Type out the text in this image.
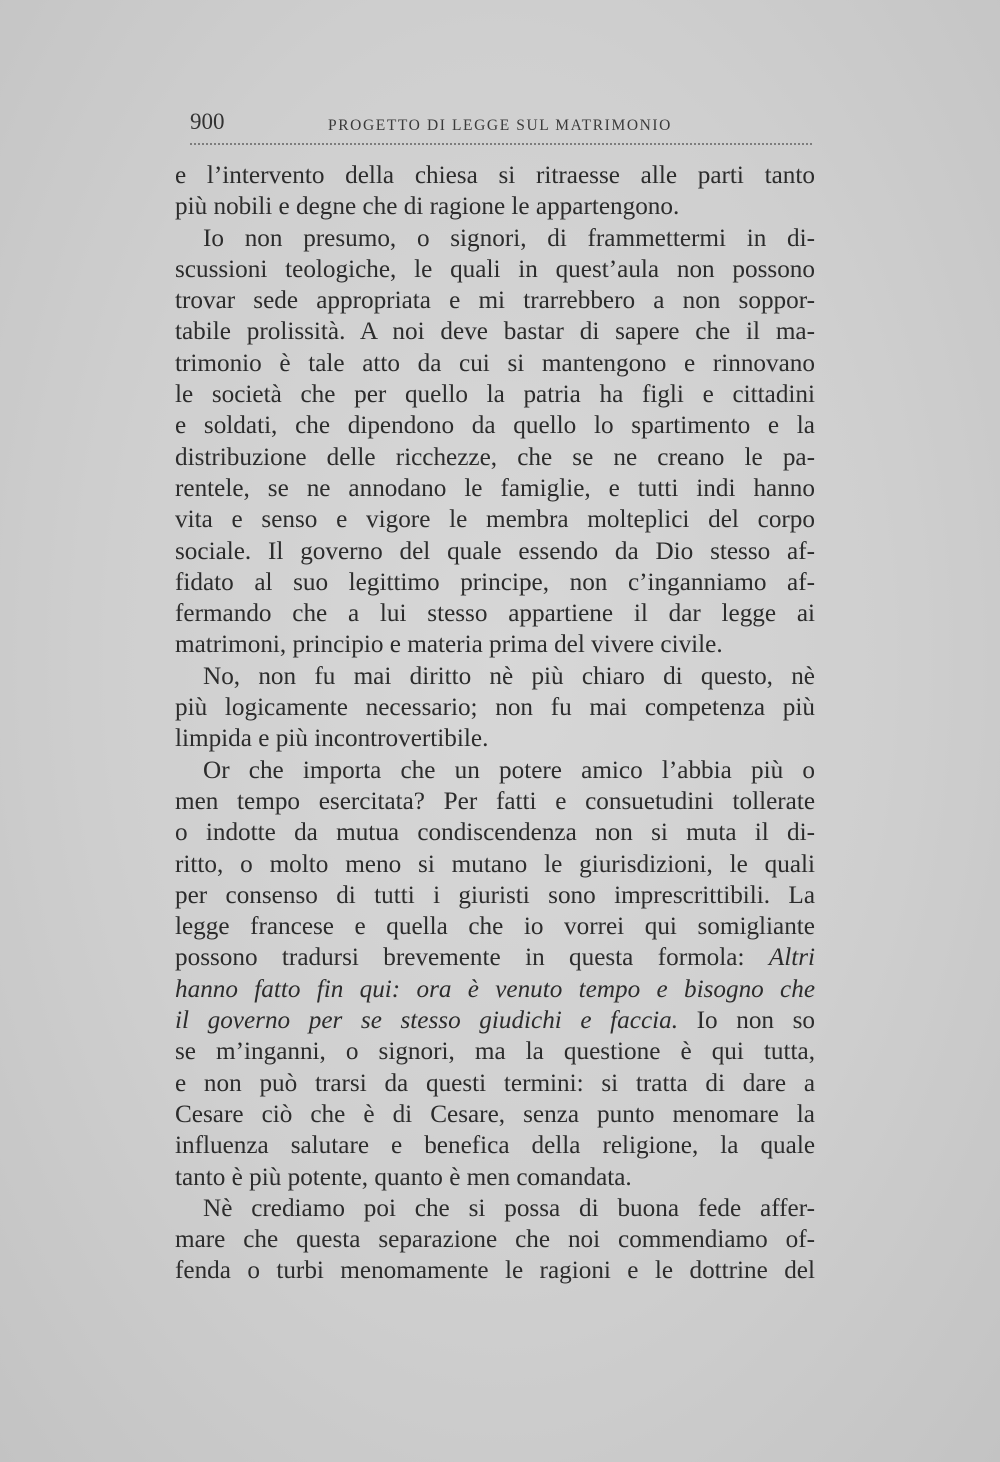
900	PROGETTO DI LEGGE SUL MATRIMONIO
e l’intervento della chiesa si ritraesse alle parti tanto
più nobili e degne che di ragione le appartengono.
Io non presumo, o signori, di frammettermi in di-
scussioni teologiche, le quali in quest’aula non possono
trovar sede appropriata e mi trarrebbero a non soppor-
tabile prolissità. A noi deve bastar di sapere che il ma-
trimonio è tale atto da cui si mantengono e rinnovano
le società che per quello la patria ha figli e cittadini
e soldati, che dipendono da quello lo spartimento e la
distribuzione delle ricchezze, che se ne creano le pa-
rentele, se ne annodano le famiglie, e tutti indi hanno
vita e senso e vigore le membra molteplici del corpo
sociale. Il governo del quale essendo da Dio stesso af-
fidato al suo legittimo principe, non c’inganniamo af-
fermando che a lui stesso appartiene il dar legge ai
matrimoni, principio e materia prima del vivere civile.
No, non fu mai diritto nè più chiaro di questo, nè
più logicamente necessario; non fu mai competenza più
limpida e più incontrovertibile.
Or che importa che un potere amico l’abbia più o
men tempo esercitata? Per fatti e consuetudini tollerate
o indotte da mutua condiscendenza non si muta il di-
ritto, o molto meno si mutano le giurisdizioni, le quali
per consenso di tutti i giuristi sono imprescrittibili. La
legge francese e quella che io vorrei qui somigliante
possono tradursi brevemente in questa formola: Altri
hanno fatto fin qui: ora è venuto tempo e bisogno che
il governo per se stesso giudichi e faccia. Io non so
se m’inganni, o signori, ma la questione è qui tutta,
e non può trarsi da questi termini: si tratta di dare a
Cesare ciò che è di Cesare, senza punto menomare la
influenza salutare e benefica della religione, la quale
tanto è più potente, quanto è men comandata.
Nè crediamo poi che si possa di buona fede affer-
mare che questa separazione che noi commendiamo of-
fenda o turbi menomamente le ragioni e le dottrine del
